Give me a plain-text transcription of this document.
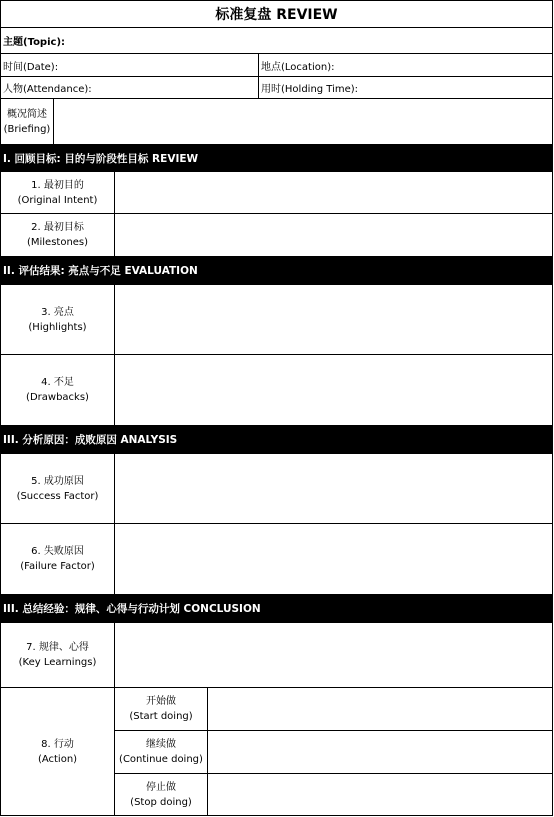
标准复盘 REVIEW
主题(Topic):
时间(Date):	地点(Location):
人物(Attendance):	用时(Holding Time):
概况简述
(Briefing)
I. 回顾目标: 目的与阶段性目标 REVIEW
1. 最初目的
(Original Intent)
2. 最初目标
(Milestones)
II. 评估结果: 亮点与不足 EVALUATION
3. 亮点
(Highlights)
4. 不足
(Drawbacks)
III. 分析原因：成败原因 ANALYSIS
5. 成功原因
(Success Factor)
6. 失败原因
(Failure Factor)
III. 总结经验：规律、心得与行动计划 CONCLUSION
7. 规律、心得
(Key Learnings)
8. 行动
(Action)
开始做
(Start doing)
继续做
(Continue doing)
停止做
(Stop doing)
